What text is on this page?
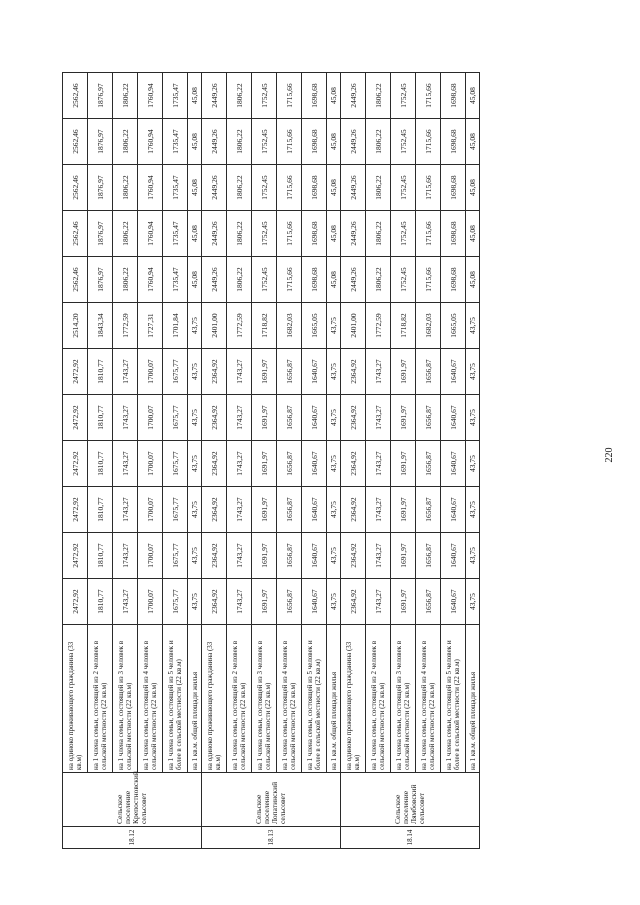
220
18.12	Сельское поселение Крепостновский сельсовет	на одиноко проживающего гражданина (33 кв.м)	2472,92	2472,92	2472,92	2472,92	2472,92	2472,92	2514,20	2562,46	2562,46	2562,46	2562,46	2562,46
		на 1 члена семьи, состоящей из 2 человек в сельской местности (22 кв.м)	1810,77	1810,77	1810,77	1810,77	1810,77	1810,77	1843,34	1876,97	1876,97	1876,97	1876,97	1876,97
		на 1 члена семьи, состоящей из 3 человек в сельской местности (22 кв.м)	1743,27	1743,27	1743,27	1743,27	1743,27	1743,27	1772,59	1806,22	1806,22	1806,22	1806,22	1806,22
		на 1 члена семьи, состоящей из 4 человек в сельской местности (22 кв.м)	1700,07	1700,07	1700,07	1700,07	1700,07	1700,07	1727,31	1760,94	1760,94	1760,94	1760,94	1760,94
		на 1 члена семьи, состоящей из 5 человек и более в сельской местности (22 кв.м)	1675,77	1675,77	1675,77	1675,77	1675,77	1675,77	1701,84	1735,47	1735,47	1735,47	1735,47	1735,47
		на 1 кв.м. общей площади жилья	43,75	43,75	43,75	43,75	43,75	43,75	43,75	45,08	45,08	45,08	45,08	45,08
18.13	Сельское поселение Лопатинский сельсовет	на одиноко проживающего гражданина (33 кв.м)	2364,92	2364,92	2364,92	2364,92	2364,92	2364,92	2401,00	2449,26	2449,26	2449,26	2449,26	2449,26
		на 1 члена семьи, состоящей из 2 человек в сельской местности (22 кв.м)	1743,27	1743,27	1743,27	1743,27	1743,27	1743,27	1772,59	1806,22	1806,22	1806,22	1806,22	1806,22
		на 1 члена семьи, состоящей из 3 человек в сельской местности (22 кв.м)	1691,97	1691,97	1691,97	1691,97	1691,97	1691,97	1718,82	1752,45	1752,45	1752,45	1752,45	1752,45
		на 1 члена семьи, состоящей из 4 человек в сельской местности (22 кв.м)	1656,87	1656,87	1656,87	1656,87	1656,87	1656,87	1682,03	1715,66	1715,66	1715,66	1715,66	1715,66
		на 1 члена семьи, состоящей из 5 человек и более в сельской местности (22 кв.м)	1640,67	1640,67	1640,67	1640,67	1640,67	1640,67	1665,05	1698,68	1698,68	1698,68	1698,68	1698,68
		на 1 кв.м. общей площади жилья	43,75	43,75	43,75	43,75	43,75	43,75	43,75	45,08	45,08	45,08	45,08	45,08
18.14	Сельское поселение Лямбовский сельсовет	на одиноко проживающего гражданина (33 кв.м)	2364,92	2364,92	2364,92	2364,92	2364,92	2364,92	2401,00	2449,26	2449,26	2449,26	2449,26	2449,26
		на 1 члена семьи, состоящей из 2 человек в сельской местности (22 кв.м)	1743,27	1743,27	1743,27	1743,27	1743,27	1743,27	1772,59	1806,22	1806,22	1806,22	1806,22	1806,22
		на 1 члена семьи, состоящей из 3 человек в сельской местности (22 кв.м)	1691,97	1691,97	1691,97	1691,97	1691,97	1691,97	1718,82	1752,45	1752,45	1752,45	1752,45	1752,45
		на 1 члена семьи, состоящей из 4 человек в сельской местности (22 кв.м)	1656,87	1656,87	1656,87	1656,87	1656,87	1656,87	1682,03	1715,66	1715,66	1715,66	1715,66	1715,66
		на 1 члена семьи, состоящей из 5 человек и более в сельской местности (22 кв.м)	1640,67	1640,67	1640,67	1640,67	1640,67	1640,67	1665,05	1698,68	1698,68	1698,68	1698,68	1698,68
		на 1 кв.м. общей площади жилья	43,75	43,75	43,75	43,75	43,75	43,75	43,75	45,08	45,08	45,08	45,08	45,08
